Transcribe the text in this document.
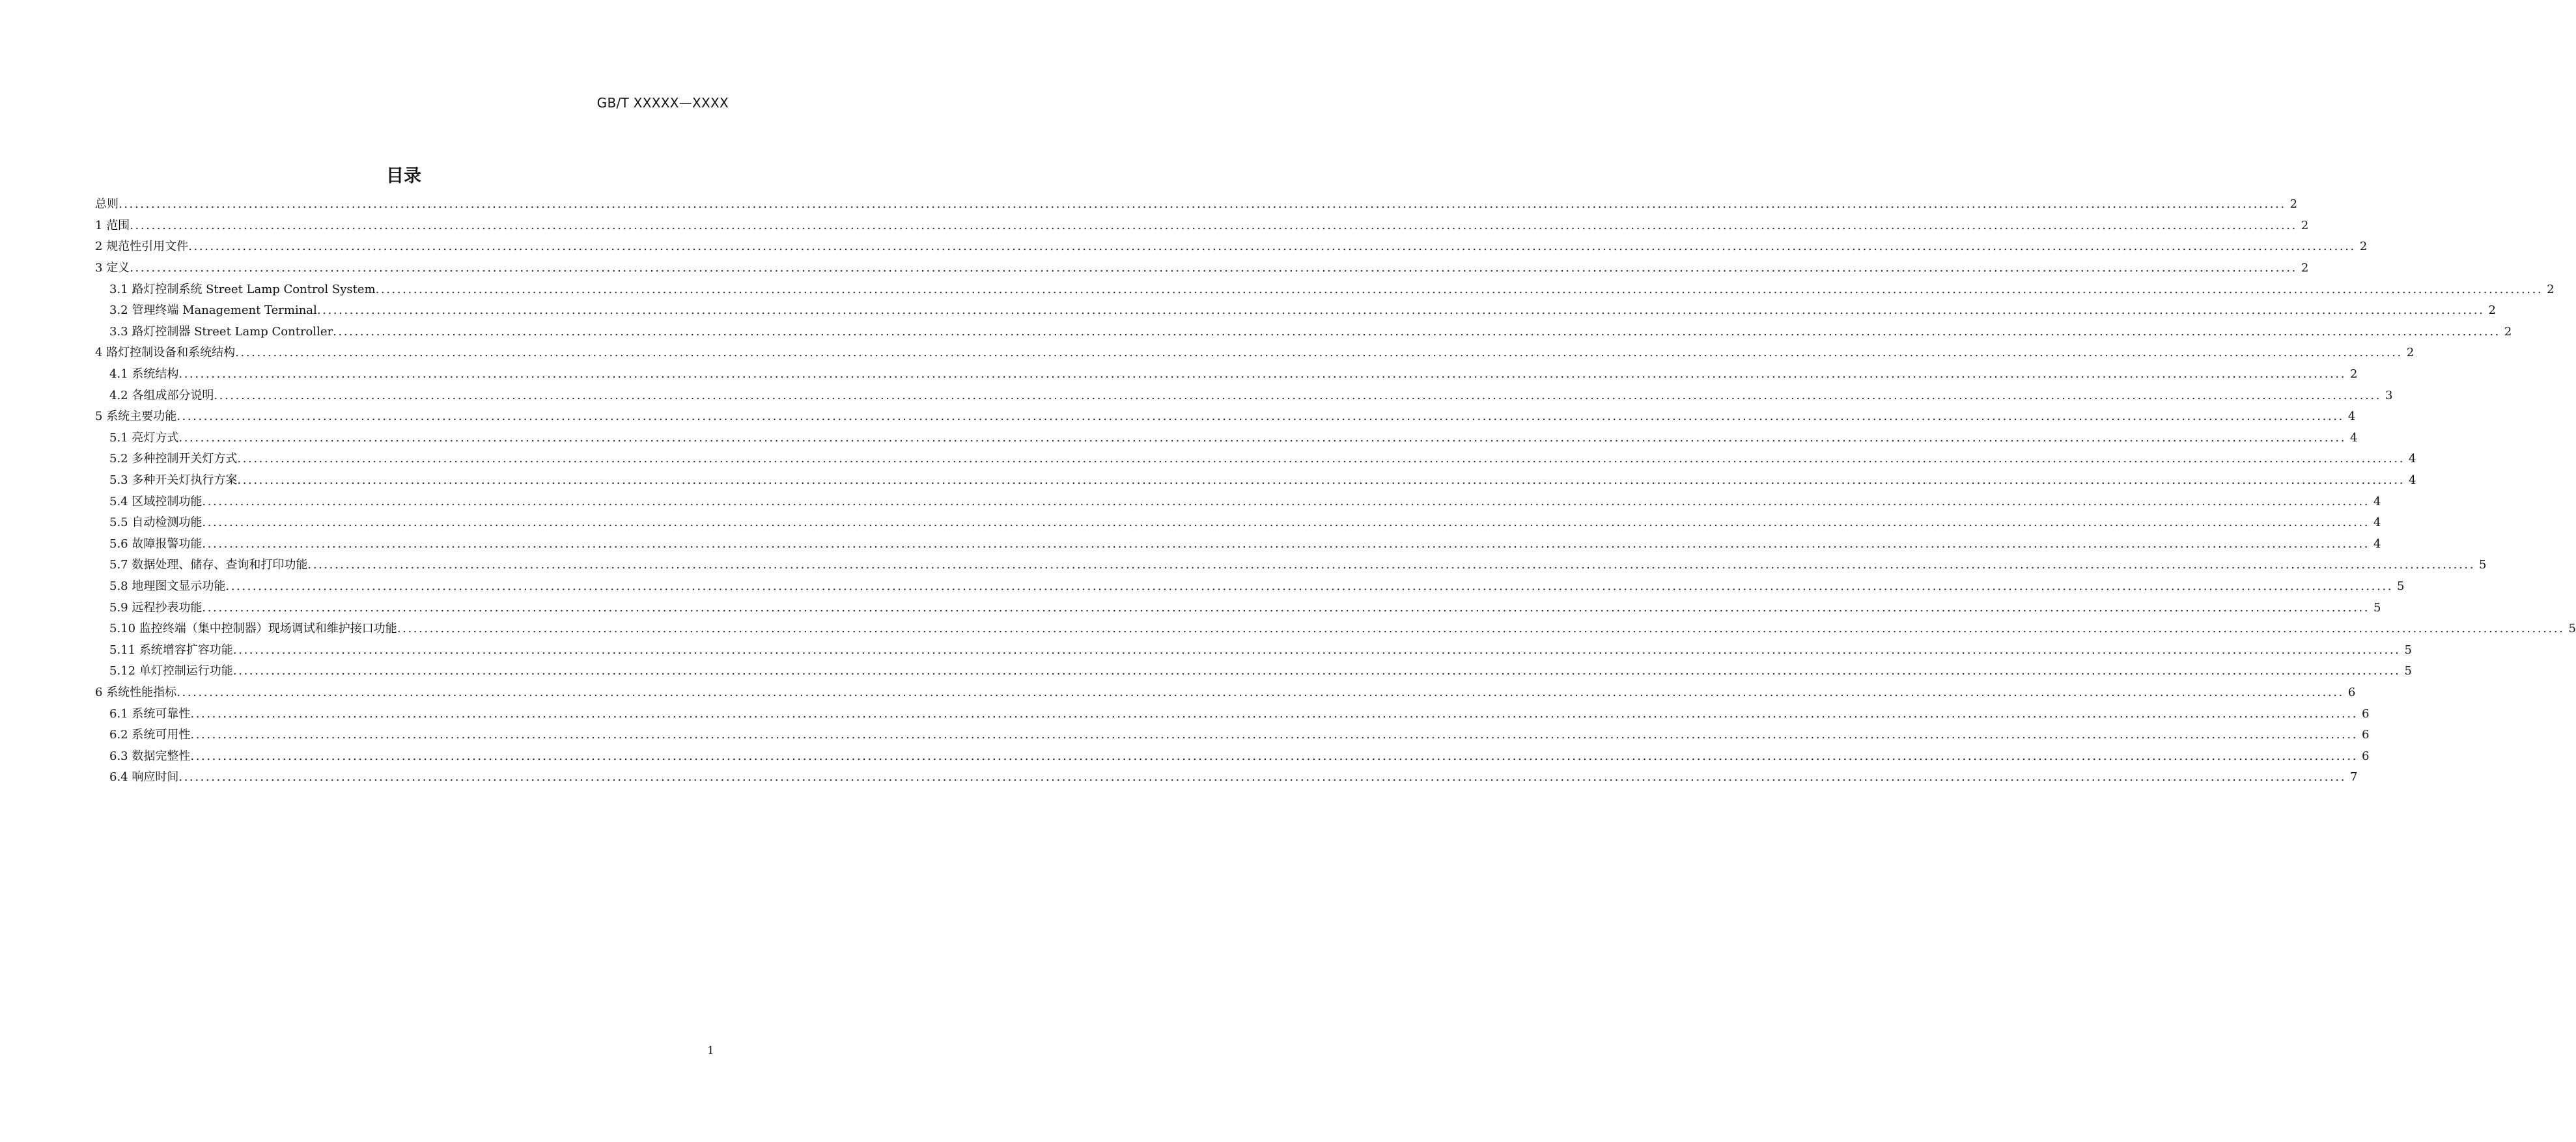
GB/T XXXXX—XXXX
目录
总则 ................................................................................................................................................................................................................................................................................................................................................................................................................ 2
1
范围 ................................................................................................................................................................................................................................................................................................................................................................................................................ 2
2
规范性引用文件 ................................................................................................................................................................................................................................................................................................................................................................................................................ 2
3
定义 ................................................................................................................................................................................................................................................................................................................................................................................................................ 2
3.1
路灯控制系统 Street Lamp Control System ................................................................................................................................................................................................................................................................................................................................................................................................................ 2
3.2
管理终端 Management Terminal ................................................................................................................................................................................................................................................................................................................................................................................................................ 2
3.3
路灯控制器 Street Lamp Controller ................................................................................................................................................................................................................................................................................................................................................................................................................ 2
4
路灯控制设备和系统结构 ................................................................................................................................................................................................................................................................................................................................................................................................................ 2
4.1
系统结构 ................................................................................................................................................................................................................................................................................................................................................................................................................ 2
4.2
各组成部分说明 ................................................................................................................................................................................................................................................................................................................................................................................................................ 3
5
系统主要功能 ................................................................................................................................................................................................................................................................................................................................................................................................................ 4
5.1
亮灯方式 ................................................................................................................................................................................................................................................................................................................................................................................................................ 4
5.2
多种控制开关灯方式 ................................................................................................................................................................................................................................................................................................................................................................................................................ 4
5.3
多种开关灯执行方案 ................................................................................................................................................................................................................................................................................................................................................................................................................ 4
5.4
区域控制功能 ................................................................................................................................................................................................................................................................................................................................................................................................................ 4
5.5
自动检测功能 ................................................................................................................................................................................................................................................................................................................................................................................................................ 4
5.6
故障报警功能 ................................................................................................................................................................................................................................................................................................................................................................................................................ 4
5.7
数据处理、储存、查询和打印功能 ................................................................................................................................................................................................................................................................................................................................................................................................................ 5
5.8
地理图文显示功能 ................................................................................................................................................................................................................................................................................................................................................................................................................ 5
5.9
远程抄表功能 ................................................................................................................................................................................................................................................................................................................................................................................................................ 5
5.10
监控终端（集中控制器）现场调试和维护接口功能 ................................................................................................................................................................................................................................................................................................................................................................................................................ 5
5.11
系统增容扩容功能 ................................................................................................................................................................................................................................................................................................................................................................................................................ 5
5.12
单灯控制运行功能 ................................................................................................................................................................................................................................................................................................................................................................................................................ 5
6
系统性能指标 ................................................................................................................................................................................................................................................................................................................................................................................................................ 6
6.1
系统可靠性 ................................................................................................................................................................................................................................................................................................................................................................................................................ 6
6.2
系统可用性 ................................................................................................................................................................................................................................................................................................................................................................................................................ 6
6.3
数据完整性 ................................................................................................................................................................................................................................................................................................................................................................................................................ 6
6.4
响应时间 ................................................................................................................................................................................................................................................................................................................................................................................................................ 7
1
